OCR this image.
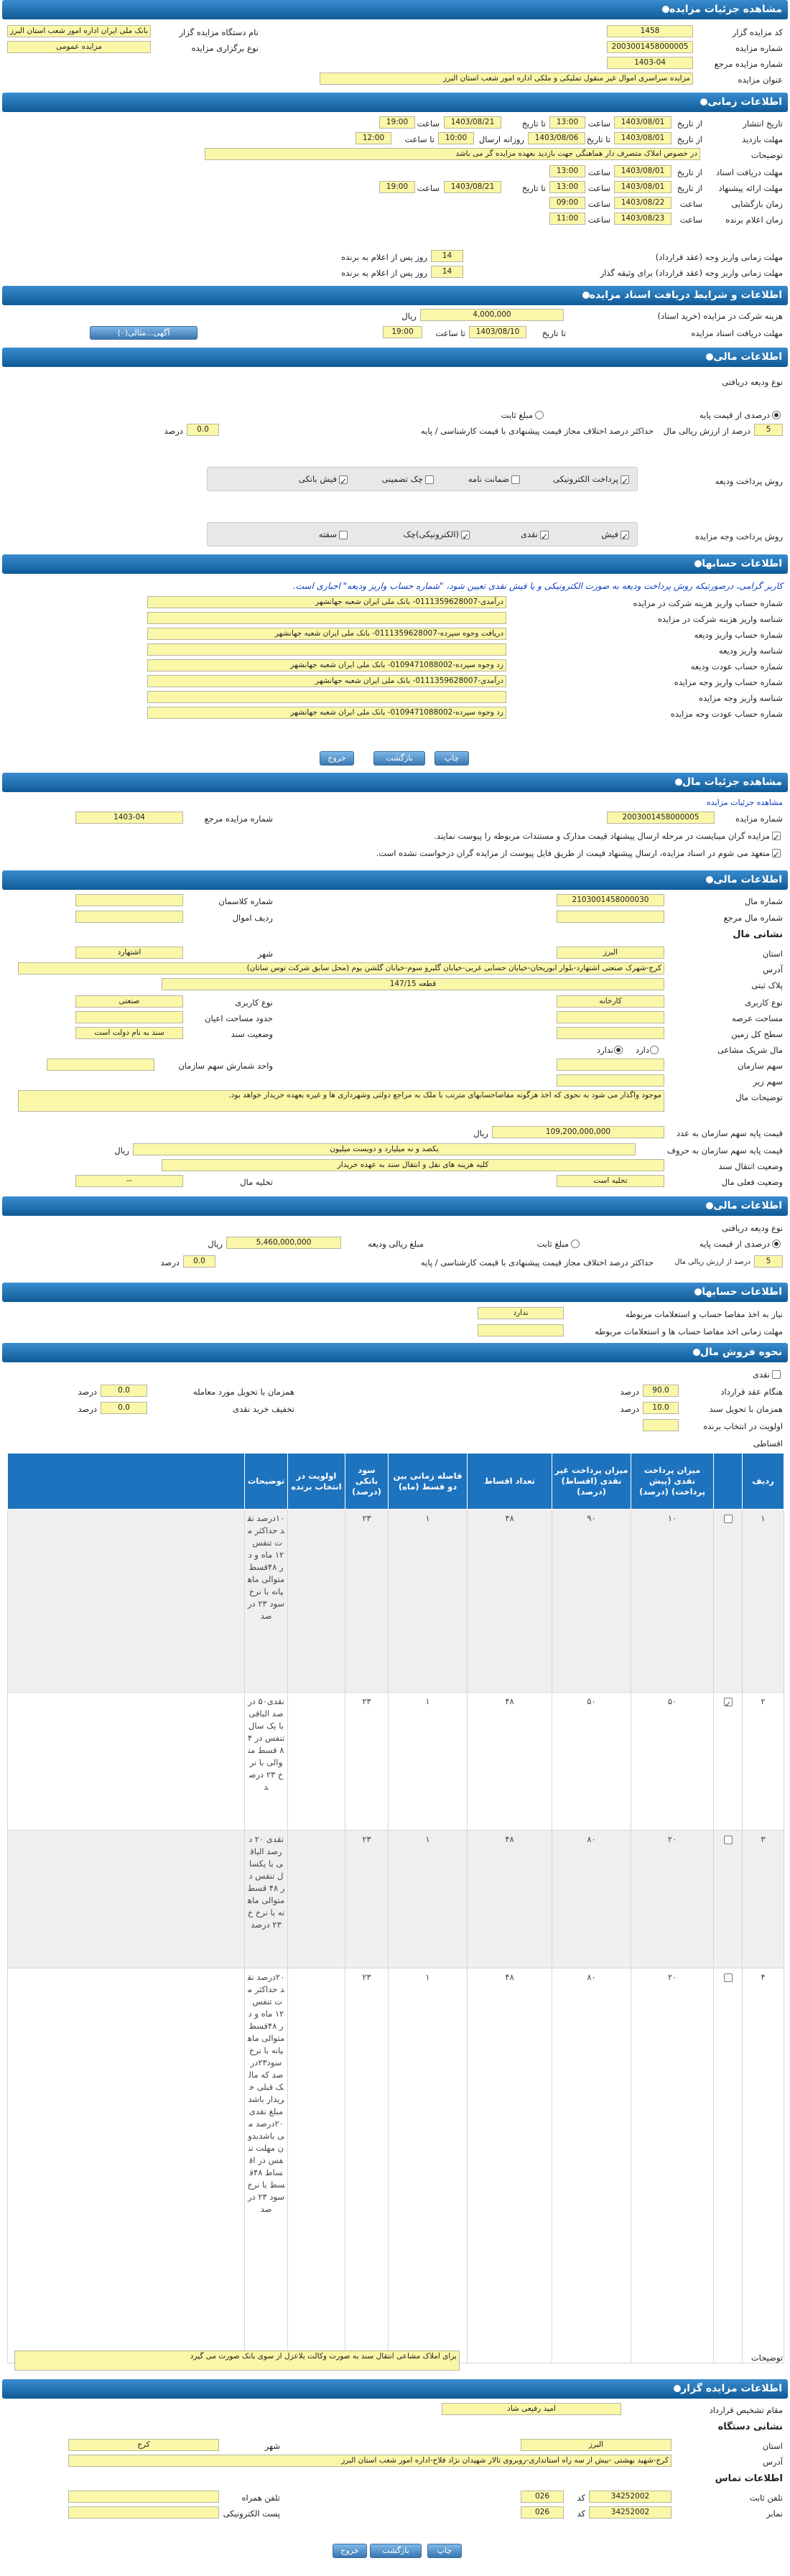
مشاهده جزئیات مزایده
کد مزایده گزار
1458
نام دستگاه مزایده گزار
بانک ملی ایران اداره امور شعب استان البرز
شماره مزایده
2003001458000005
نوع برگزاری مزایده
مزایده عمومی
شماره مزایده مرجع
1403-04
عنوان مزایده
مزایده سراسری اموال غیر منقول تملیکی و ملکی اداره امور شعب استان البرز
اطلاعات زمانی
تاریخ انتشار
از تاریخ
1403/08/01
ساعت
13:00
تا تاریخ
1403/08/21
ساعت
19:00
مهلت بازدید
از تاریخ
1403/08/01
تا تاریخ
1403/08/06
روزانه ارسال
10:00
تا ساعت
12:00
توضیحات
در خصوص املاک متصرف دار هماهنگی جهت بازدید بعهده مزایده گر می باشد
مهلت دریافت اسناد
از تاریخ
1403/08/01
ساعت
13:00
مهلت ارائه پیشنهاد
از تاریخ
1403/08/01
ساعت
13:00
تا تاریخ
1403/08/21
ساعت
19:00
زمان بازگشایی
ساعت
1403/08/22
ساعت
09:00
زمان اعلام برنده
ساعت
1403/08/23
ساعت
11:00
مهلت زمانی واریز وجه (عقد قرارداد)
14
روز پس از اعلام به برنده
مهلت زمانی واریز وجه (عقد قرارداد) برای وثیقه گذار
14
روز پس از اعلام به برنده
اطلاعات و شرایط دریافت اسناد مزایده
هزینه شرکت در مزایده (خرید اسناد)
4,000,000
ریال
مهلت دریافت اسناد مزایده
تا تاریخ
1403/08/10
تا ساعت
19:00
آگهی...مثالی(۰)
اطلاعات مالی
نوع ودیعه دریافتی
درصدی از قیمت پایه
مبلغ ثابت
5
درصد از ارزش ریالی مال
حداکثر درصد اختلاف مجاز قیمت پیشنهادی با قیمت کارشناسی / پایه
0.0
درصد
✓پرداخت الکترونیکی
ضمانت نامه
چک تضمینی
✓فیش بانکی	روش پرداخت ودیعه
✓فیش
✓نقدی
✓(الکترونیکی)چک
سفته	روش پرداخت وجه مزایده
اطلاعات حسابها
کاربر گرامی، درصورتیکه روش پرداخت ودیعه به صورت الکترونیکی و یا فیش نقدی تعیین شود، "شماره حساب واریز ودیعه" اجباری است.
شماره حساب واریز هزینه شرکت در مزایده
درآمدی-0111359628007- بانک ملی ایران شعبه جهانشهر
شناسه واریز هزینه شرکت در مزایده
شماره حساب واریز ودیعه
دریافت وجوه سپرده-0111359628007- بانک ملی ایران شعبه جهانشهر
شناسه واریز ودیعه
شماره حساب عودت ودیعه
رد وجوه سپرده-0109471088002- بانک ملی ایران شعبه جهانشهر
شماره حساب واریز وجه مزایده
درآمدی-0111359628007- بانک ملی ایران شعبه جهانشهر
شناسه واریز وجه مزایده
شماره حساب عودت وجه مزایده
رد وجوه سپرده-0109471088002- بانک ملی ایران شعبه جهانشهر
چاپ
بازگشت
خروج
مشاهده جزئیات مال
مشاهده جزئیات مزایده
شماره مزایده
2003001458000005
شماره مزایده مرجع
1403-04
✓
مزایده گران میبایست در مرحله ارسال پیشنهاد قیمت مدارک و مستندات مربوطه را پیوست نمایند.
✓
متعهد می شوم در اسناد مزایده، ارسال پیشنهاد قیمت از طریق فایل پیوست از مزایده گران درخواست نشده است.
اطلاعات مالی
شماره مال
2103001458000030
شماره کلاسمان
شماره مال مرجع
ردیف اموال
نشانی مال
استان
البرز
شهر
اشتهارد
آدرس
کرج-شهرک صنعتی اشتهارد-بلوار ابوریحان-خیابان حسابی غربی-خیابان گلبرو سوم-خیابان گلشن یوم (محل سابق شرکت توس ساتان)
پلاک ثبتی
قطعه 147/15
نوع کاربری
کارخانه
نوع کاربری
صنعتی
مساحت عرصه
حدود مساحت اعیان
سطح کل زمین
وضعیت سند
سند به نام دولت است
مال شریک مشاعی
دارد
ندارد
سهم سازمان
واحد شمارش سهم سازمان
سهم زیر
توضیحات مال
موجود واگذار می شود به نحوی که اخذ هرگونه مفاصاحسابهای مترتب با ملک به مراجع دولتی وشهرداری ها و غیره بعهده خریدار خواهد بود.
قیمت پایه سهم سازمان به عدد
109,200,000,000
ریال
قیمت پایه سهم سازمان به حروف
یکصد و نه میلیارد و دویست میلیون
ریال
وضعیت انتقال سند
کلیه هزینه های نقل و انتقال سند به عهده خریدار
وضعیت فعلی مال
تخلیه است
تخلیه مال
--
اطلاعات مالی
نوع ودیعه دریافتی
درصدی از قیمت پایه
مبلغ ثابت
مبلغ ریالی ودیعه
5,460,000,000
ریال
5
درصد از ارزش ریالی مال
حداکثر درصد اختلاف مجاز قیمت پیشنهادی با قیمت کارشناسی / پایه
0.0
درصد
اطلاعات حسابها
نیاز به اخذ مفاصا حساب و استعلامات مربوطه
ندارد
مهلت زمانی اخذ مفاصا حساب ها و استعلامات مربوطه
نحوه فروش مال
نقدی
هنگام عقد قرارداد
90.0
درصد
همزمان با تحویل مورد معامله
0.0
درصد
همزمان با تحویل سند
10.0
درصد
تخفیف خرید نقدی
0.0
درصد
اولویت در انتخاب برنده
اقساطی
ردیف		میزان پرداخت نقدی (پیش پرداخت) (درصد)	میزان پرداخت غیر نقدی (اقساط) (درصد)	تعداد اقساط	فاصله زمانی بین دو قسط (ماه)	سود بانکی (درصد)	اولویت در انتخاب برنده	توضیحات	
۱		۱۰	۹۰	۴۸	۱	۲۳		۱۰درصد نقد حداکثر مدت تنفس ۱۲ ماه و در ۴۸قسط متوالی ماهیانه با نرخ سود ۲۳ درصد	

۲	✓	۵۰	۵۰	۴۸	۱	۲۳		نقدی۵۰ درصد الباقی با یک سال تنفس در ۴۸ قسط متوالی با نرخ ۲۳ درصد	

۳		۲۰	۸۰	۴۸	۱	۲۳		نقدی ۲۰ درصد الباقی با یکسال تنفس در ۴۸ قسط متوالی ماهیانه با نرخ ۲۳ درصد	

۴		۲۰	۸۰	۴۸	۱	۲۳		۲۰درصد نقد حداکثر مدت تنفس ۱۲ ماه و در ۴۸قسط متوالی ماهیانه با نرخ سود۲۳درصد که مالک قبلی خریدار باشد مبلغ نقدی ۲۰درصد می باشدبدون مهلت تنفس در اقساط ۴۸قسط با نرخ سود ۲۳ درصد	

توضیحات
برای املاک مشاعی انتقال سند به صورت وکالت بلاعزل از سوی بانک صورت می گیرد
اطلاعات مزایده گزار
مقام تشخیص قرارداد
امید رفیعی شاد
نشانی دستگاه
استان
البرز
شهر
کرج
آدرس
کرج-شهید بهشتی -بیش از سه راه استانداری-روبروی تالار شهیدان نژاد فلاح-اداره امور شعب استان البرز
اطلاعات تماس
تلفن ثابت
34252002
کد
026
تلفن همراه
نمابر
34252002
کد
026
پست الکترونیکی
چاپ
بازگشت
خروج
